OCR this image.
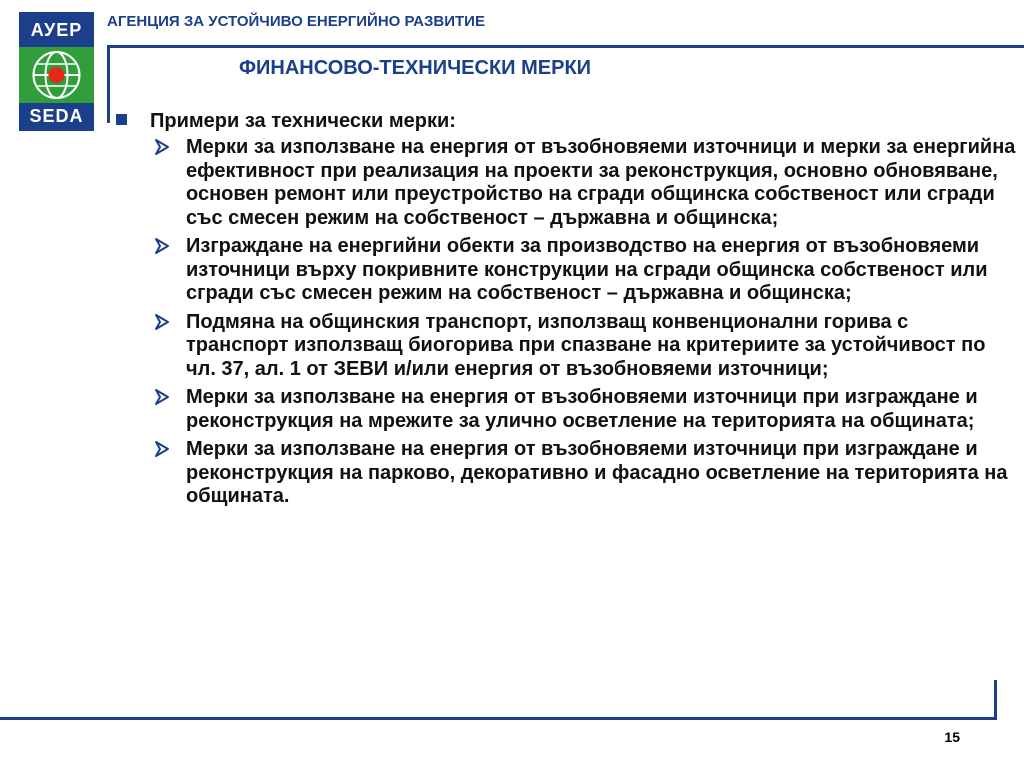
АУЕР
SEDA
АГЕНЦИЯ ЗА УСТОЙЧИВО ЕНЕРГИЙНО РАЗВИТИЕ
ФИНАНСОВО-ТЕХНИЧЕСКИ МЕРКИ
Примери за технически мерки:
Мерки за използване на енергия от възобновяеми източници и мерки за енергийна ефективност при реализация на проекти за реконструкция, основно обновяване, основен ремонт или преустройство на сгради общинска собственост или сгради със смесен режим на собственост – държавна и общинска;
Изграждане на енергийни обекти за производство на енергия от възобновяеми източници върху покривните конструкции на сгради общинска собственост или сгради със смесен режим на собственост – държавна и общинска;
Подмяна на общинския транспорт, използващ конвенционални горива с транспорт използващ биогорива при спазване на критериите за устойчивост по чл. 37, ал. 1 от ЗЕВИ и/или енергия от възобновяеми източници;
Мерки за използване на енергия от възобновяеми източници при изграждане и реконструкция на мрежите за улично осветление на територията на общината;
Мерки за използване на енергия от възобновяеми източници при изграждане и реконструкция на парково, декоративно и фасадно осветление на територията на общината.
15
